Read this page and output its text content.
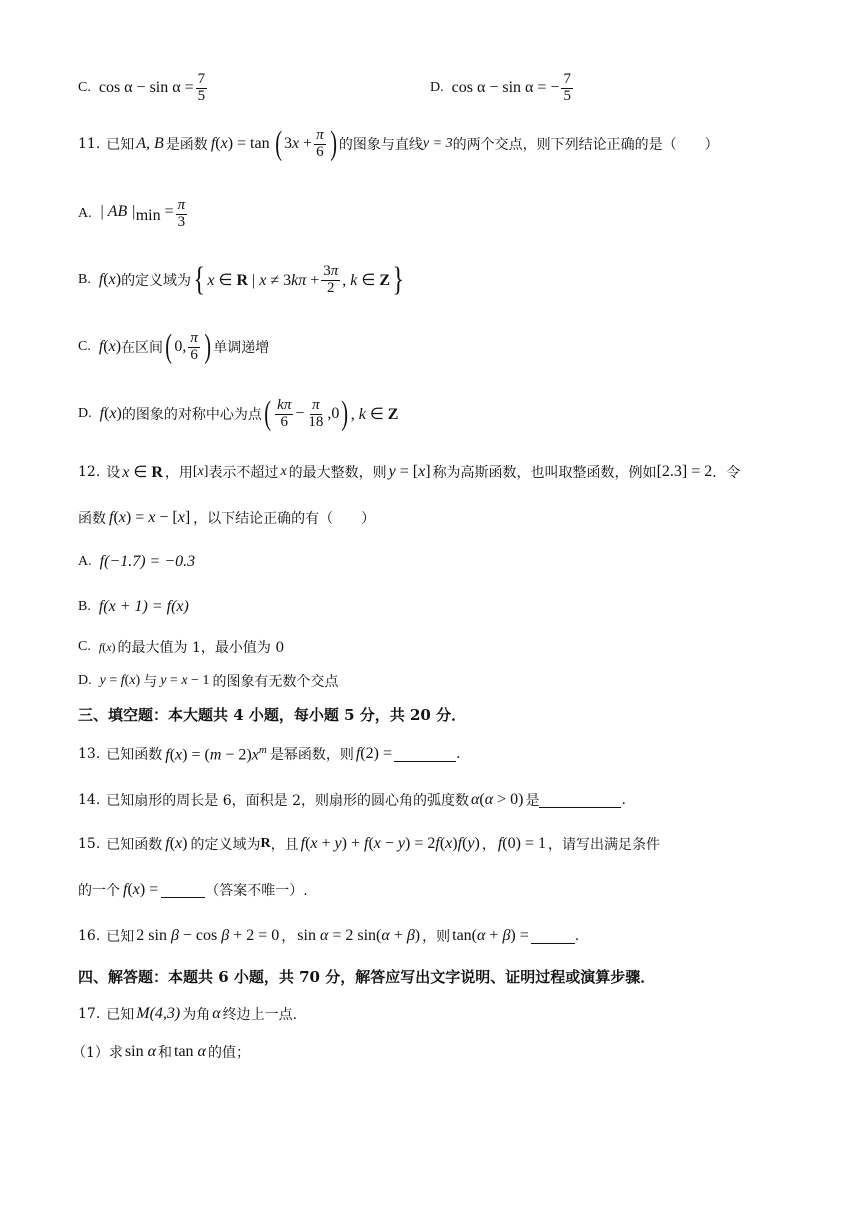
C. $\cos \alpha - \sin \alpha = \frac{7}{5}$	D. cos α − sin α = − $\frac{7}{5}$
11. 已知 A, B 是函数 f(x) = tan ( $3x + \frac{\pi}{6}$ ) 的图象与直线 y = 3 的两个交点，则下列结论正确的是（　　）
A. | AB $|_{min} = \frac{\pi}{3}$
B. f(x) 的定义域为 { x ∈ R | $x \ne 3k\pi + \frac{3\pi}{2}$ , k ∈ Z }
C. f(x) 在区间 ( 0, $\frac{\pi}{6}$ ) 单调递增
D. f(x) 的图象的对称中心为点 ( $\frac{k\pi}{6} - \frac{\pi}{18} ,0$ ) , k ∈ Z
12. 设 x ∈ R ，用 [x] 表示不超过 x 的最大整数，则 y = [x] 称为高斯函数，也叫取整函数，例如 [2.3] = 2 ．令
函数 f(x) = x − [x] ，以下结论正确的有（　　）
A. f(−1.7) = −0.3
B. f(x + 1) = f(x)
C. f(x) 的最大值为 1，最小值为 0
D. y = f(x) 与 y = x − 1 的图象有无数个交点
三、填空题：本大题共 4 小题，每小题 5 分，共 20 分．
13. 已知函数 $f(x) = (m - 2)x^m$ 是幂函数，则 f(2) =	.
14. 已知扇形的周长是 6，面积是 2，则扇形的圆心角的弧度数 α(α > 0) 是	.
15. 已知函数 f(x) 的定义域为 R ，且 f(x + y) + f(x − y) = 2f(x)f(y) ， f(0) = 1 ，请写出满足条件
的一个 f(x) =	（答案不唯一）.
16. 已知 2 sin β − cos β + 2 = 0 ， sin α = 2 sin(α + β) ，则 tan(α + β) =	.
四、解答题：本题共 6 小题，共 70 分，解答应写出文字说明、证明过程或演算步骤．
17. 已知 M(4,3) 为角 α 终边上一点.
（1）求 sin α 和 tan α 的值；
